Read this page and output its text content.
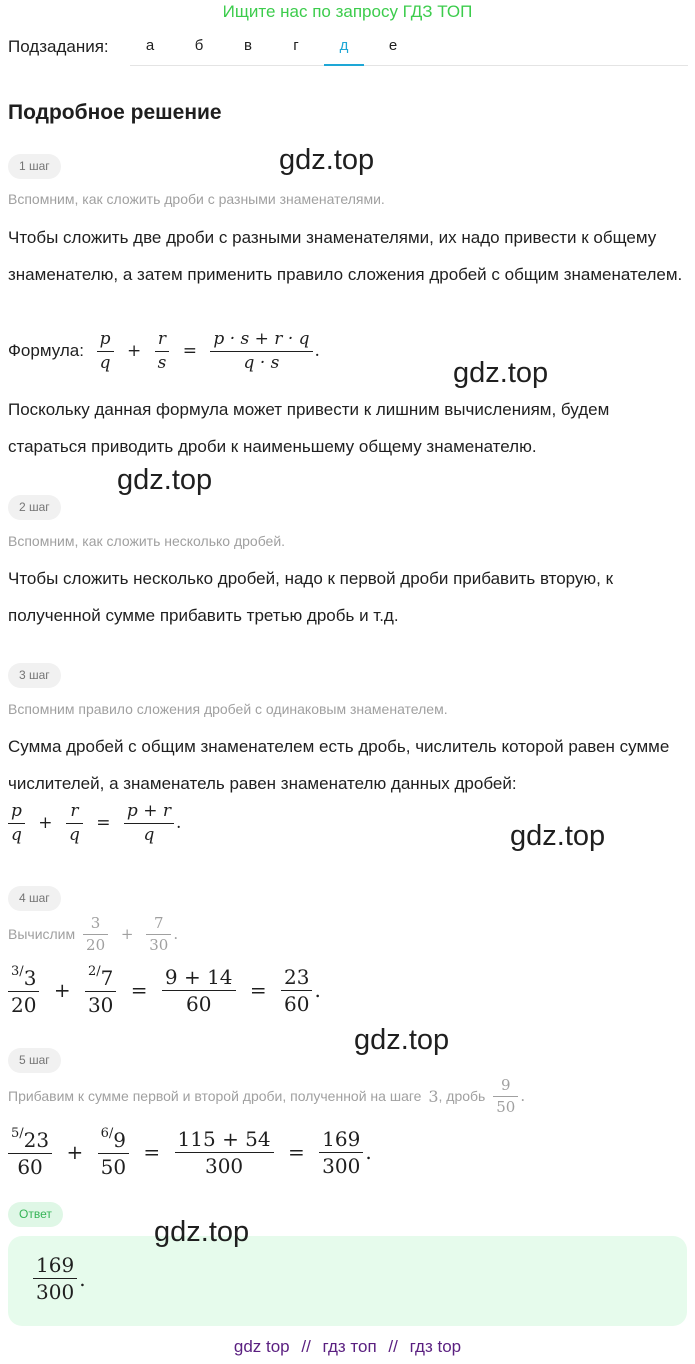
Ищите нас по запросу ГДЗ ТОП
Подзадания:	а	б	в	г	д	е
Подробное решение
1 шаг	gdz.top
Вспомним, как сложить дроби с разными знаменателями.
Чтобы сложить две дроби с разными знаменателями, их надо привести к общему знаменателю, а затем применить правило сложения дробей с общим знаменателем.
Формула: $\frac{p}{q} + \frac{r}{s} = \frac{p \cdot s + r \cdot q}{q \cdot s}$ .
gdz.top
Поскольку данная формула может привести к лишним вычислениям, будем стараться приводить дроби к наименьшему общему знаменателю.
gdz.top
2 шаг
Вспомним, как сложить несколько дробей.
Чтобы сложить несколько дробей, надо к первой дроби прибавить вторую, к полученной сумме прибавить третью дробь и т.д.
3 шаг
Вспомним правило сложения дробей с одинаковым знаменателем.
Сумма дробей с общим знаменателем есть дробь, числитель которой равен сумме числителей, а знаменатель равен знаменателю данных дробей:
$\frac{p}{q} + \frac{r}{q} = \frac{p + r}{q}$ .	gdz.top
4 шаг
Вычислим $\frac{3}{20} + \frac{7}{30}$ .
$\frac{^{3/}3}{20} + \frac{^{2/}7}{30} = \frac{9 + 14}{60} = \frac{23}{60}$ .
gdz.top
5 шаг
Прибавим к сумме первой и второй дроби, полученной на шаге 3, дробь $\frac{9}{50}$ .
$\frac{^{5/}23}{60} + \frac{^{6/}9}{50} = \frac{115 + 54}{300} = \frac{169}{300}$ .
Ответ
$\frac{169}{300}$ .
gdz.top
gdz top // гдз топ // гдз top
